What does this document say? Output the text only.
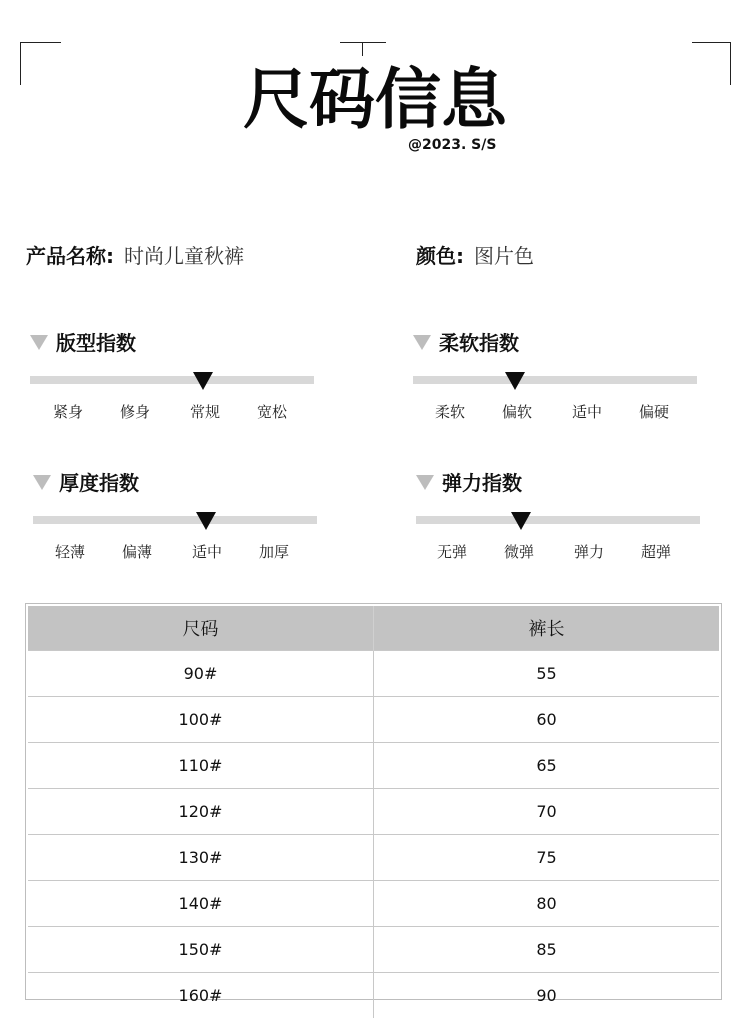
尺码信息
@2023. S/S
产品名称: 时尚儿童秋裤	颜色: 图片色
版型指数
紧身 修身	常规 宽松
柔软指数
柔软 偏软	适中 偏硬
厚度指数
轻薄 偏薄	适中 加厚
弹力指数
无弹 微弹	弹力 超弹
尺码	裤长
90#	55
100#	60
110#	65
120#	70
130#	75
140#	80
150#	85
160#	90
